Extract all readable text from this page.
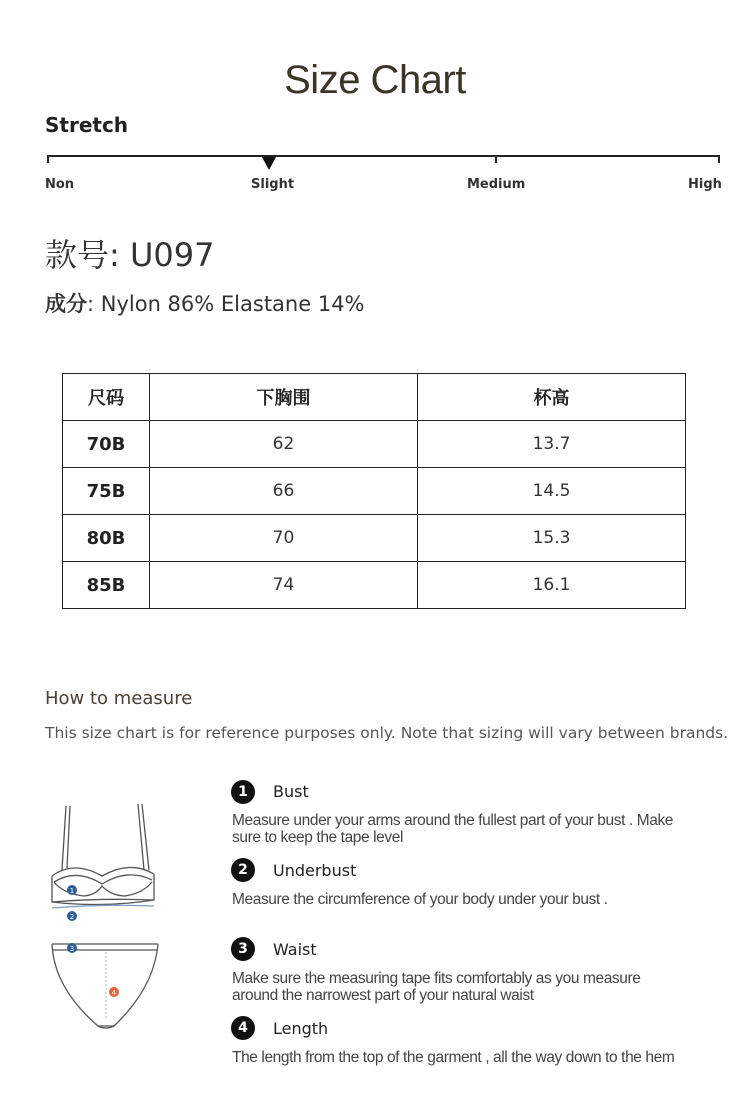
Size Chart
Stretch
Non	Slight	Medium	High
款号: U097
成分: Nylon 86% Elastane 14%
尺码	下胸围	杯高
70B	62	13.7
75B	66	14.5
80B	70	15.3
85B	74	16.1
How to measure
This size chart is for reference purposes only. Note that sizing will vary between brands.
1
2
3
4
1	Bust
Measure under your arms around the fullest part of your bust . Make
sure to keep the tape level
2	Underbust
Measure the circumference of your body under your bust .
3	Waist
Make sure the measuring tape fits comfortably as you measure
around the narrowest part of your natural waist
4	Length
The length from the top of the garment , all the way down to the hem
